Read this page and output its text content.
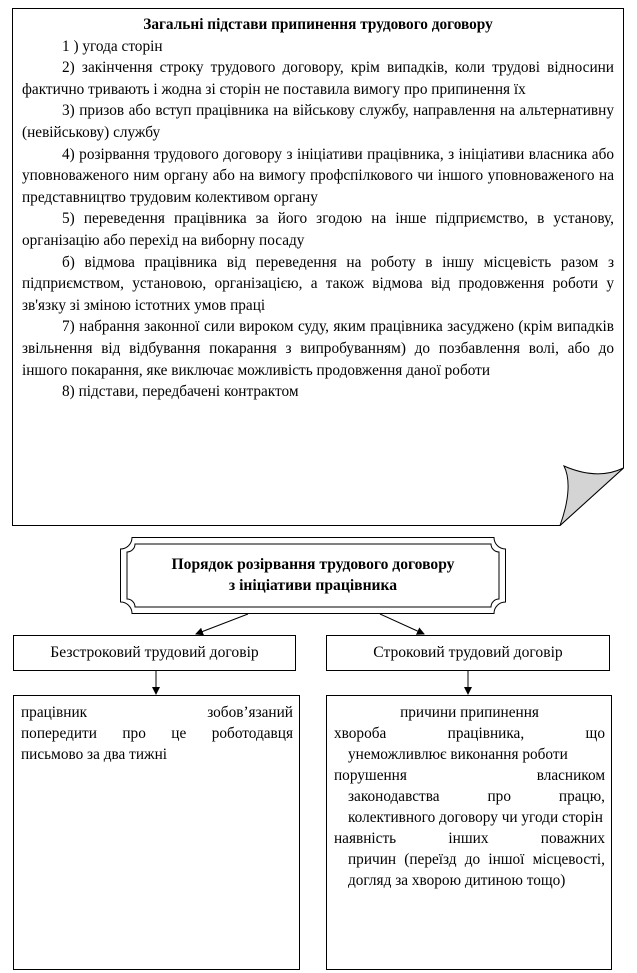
Загальні підстави припинення трудового договору
1 ) угода сторін
2) закінчення строку трудового договору, крім випадків, коли трудові відносини фактично тривають і жодна зі сторін не поставила вимогу про припинення їх
3) призов або вступ працівника на військову службу, направлення на альтернативну (невійськову) службу
4) розірвання трудового договору з ініціативи працівника, з ініціативи власника або уповноваженого ним органу або на вимогу профспілкового чи іншого уповноваженого на представництво трудовим колективом органу
5) переведення працівника за його згодою на інше підприємство, в установу, організацію або перехід на виборну посаду
б) відмова працівника від переведення на роботу в іншу місцевість разом з підприємством, установою, організацією, а також відмова від продовження роботи у зв'язку зі зміною істотних умов праці
7) набрання законної сили вироком суду, яким працівника засуджено (крім випадків звільнення від відбування покарання з випробуванням) до позбавлення волі, або до іншого покарання, яке виключає можливість продовження даної роботи
8) підстави, передбачені контрактом
Порядок розірвання трудового договору
з ініціативи працівника
Безстроковий трудовий договір	Строковий трудовий договір
працівник зобов’язаний
попередити про це роботодавця письмово за два тижні
причини припинення
хвороба працівника, що
унеможливлює виконання роботи
порушення власником
законодавства про працю, колективного договору чи угоди сторін
наявність інших поважних
причин (переїзд до іншої місцевості, догляд за хворою дитиною тощо)
